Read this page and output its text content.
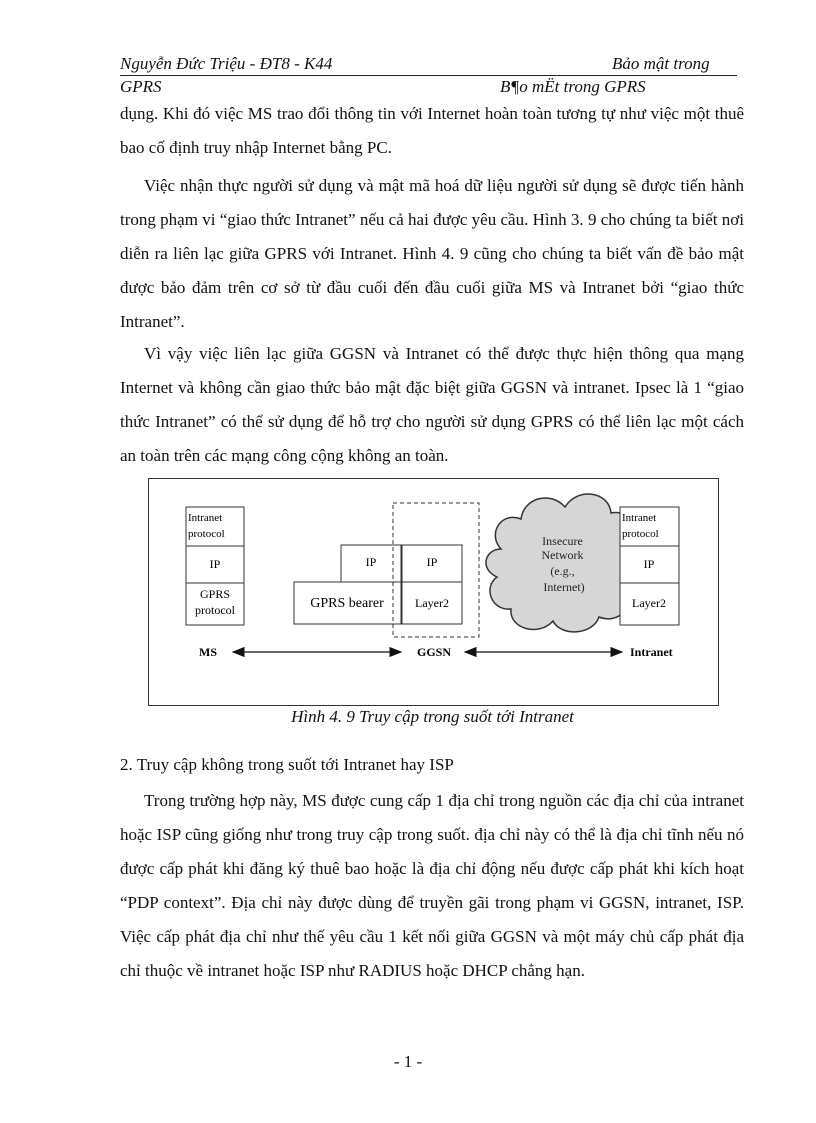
Nguyễn Đức Triệu - ĐT8 - K44	Bảo mật trong
GPRS	B¶o mËt trong GPRS

dụng. Khi đó việc MS trao đổi thông tin với Internet hoàn toàn tương tự như việc một thuê bao cố định truy nhập Internet bằng PC.

Việc nhận thực người sử dụng và mật mã hoá dữ liệu người sử dụng sẽ được tiến hành trong phạm vi “giao thức Intranet” nếu cả hai được yêu cầu. Hình 3. 9 cho chúng ta biết nơi diễn ra liên lạc giữa GPRS với Intranet. Hình 4. 9 cũng cho chúng ta biết vấn đề bảo mật được bảo đảm trên cơ sở từ đầu cuối đến đầu cuối giữa MS và Intranet bởi “giao thức Intranet”.

Vì vậy việc liên lạc giữa GGSN và Intranet có thể được thực hiện thông qua mạng Internet và không cần giao thức bảo mật đặc biệt giữa GGSN và intranet. Ipsec là 1 “giao thức Intranet” có thể sử dụng để hỗ trợ cho người sử dụng GPRS có thể liên lạc một cách an toàn trên các mạng công cộng không an toàn.

Intranet protocol
IP
GPRS protocol
IP
GPRS bearer
IP
Layer2
Insecure Network (e.g., Internet)
Intranet protocol
IP
Layer2
MS	GGSN	Intranet
Hình 4. 9 Truy cập trong suốt tới Intranet
2. Truy cập không trong suốt tới Intranet hay ISP

Trong trường hợp này, MS được cung cấp 1 địa chỉ trong nguồn các địa chỉ của intranet hoặc ISP cũng giống như trong truy cập trong suốt. địa chỉ này có thể là địa chỉ tĩnh nếu nó được cấp phát khi đăng ký thuê bao hoặc là địa chỉ động nếu được cấp phát khi kích hoạt “PDP context”. Địa chỉ này được dùng để truyền gãi trong phạm vi GGSN, intranet, ISP. Việc cấp phát địa chỉ như thế yêu cầu 1 kết nối giữa GGSN và một máy chủ cấp phát địa chỉ thuộc về intranet hoặc ISP như RADIUS hoặc DHCP chẳng hạn.

- 1 -
